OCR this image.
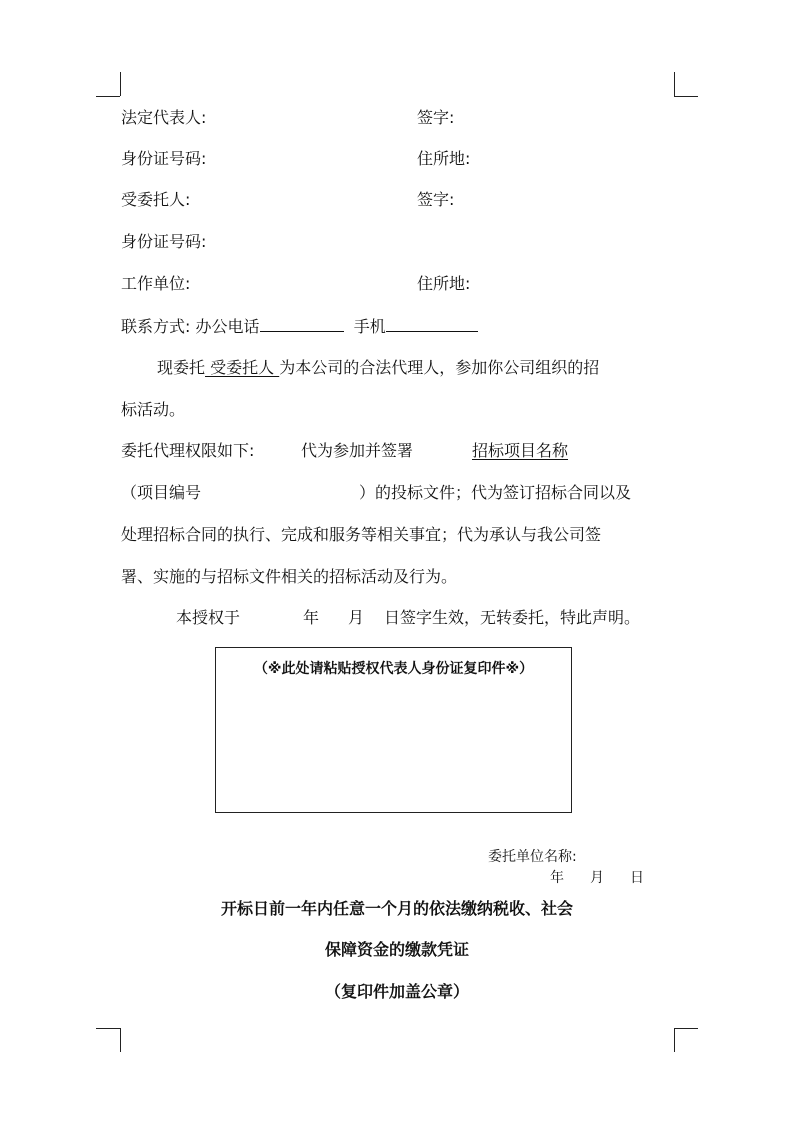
法定代表人:	签字:
身份证号码:	住所地:
受委托人:	签字:
身份证号码:
工作单位:	住所地:
联系方式: 办公电话	手机
现委托 受委托人 为本公司的合法代理人，参加你公司组织的招
标活动。
委托代理权限如下:	代为参加并签署	招标项目名称
（项目编号	）的投标文件；代为签订招标合同以及
处理招标合同的执行、完成和服务等相关事宜；代为承认与我公司签
署、实施的与招标文件相关的招标活动及行为。
本授权于	年 月 日签字生效，无转委托，特此声明。
（※此处请粘贴授权代表人身份证复印件※）
委托单位名称:
年 月 日
开标日前一年内任意一个月的依法缴纳税收、社会
保障资金的缴款凭证
（复印件加盖公章）
